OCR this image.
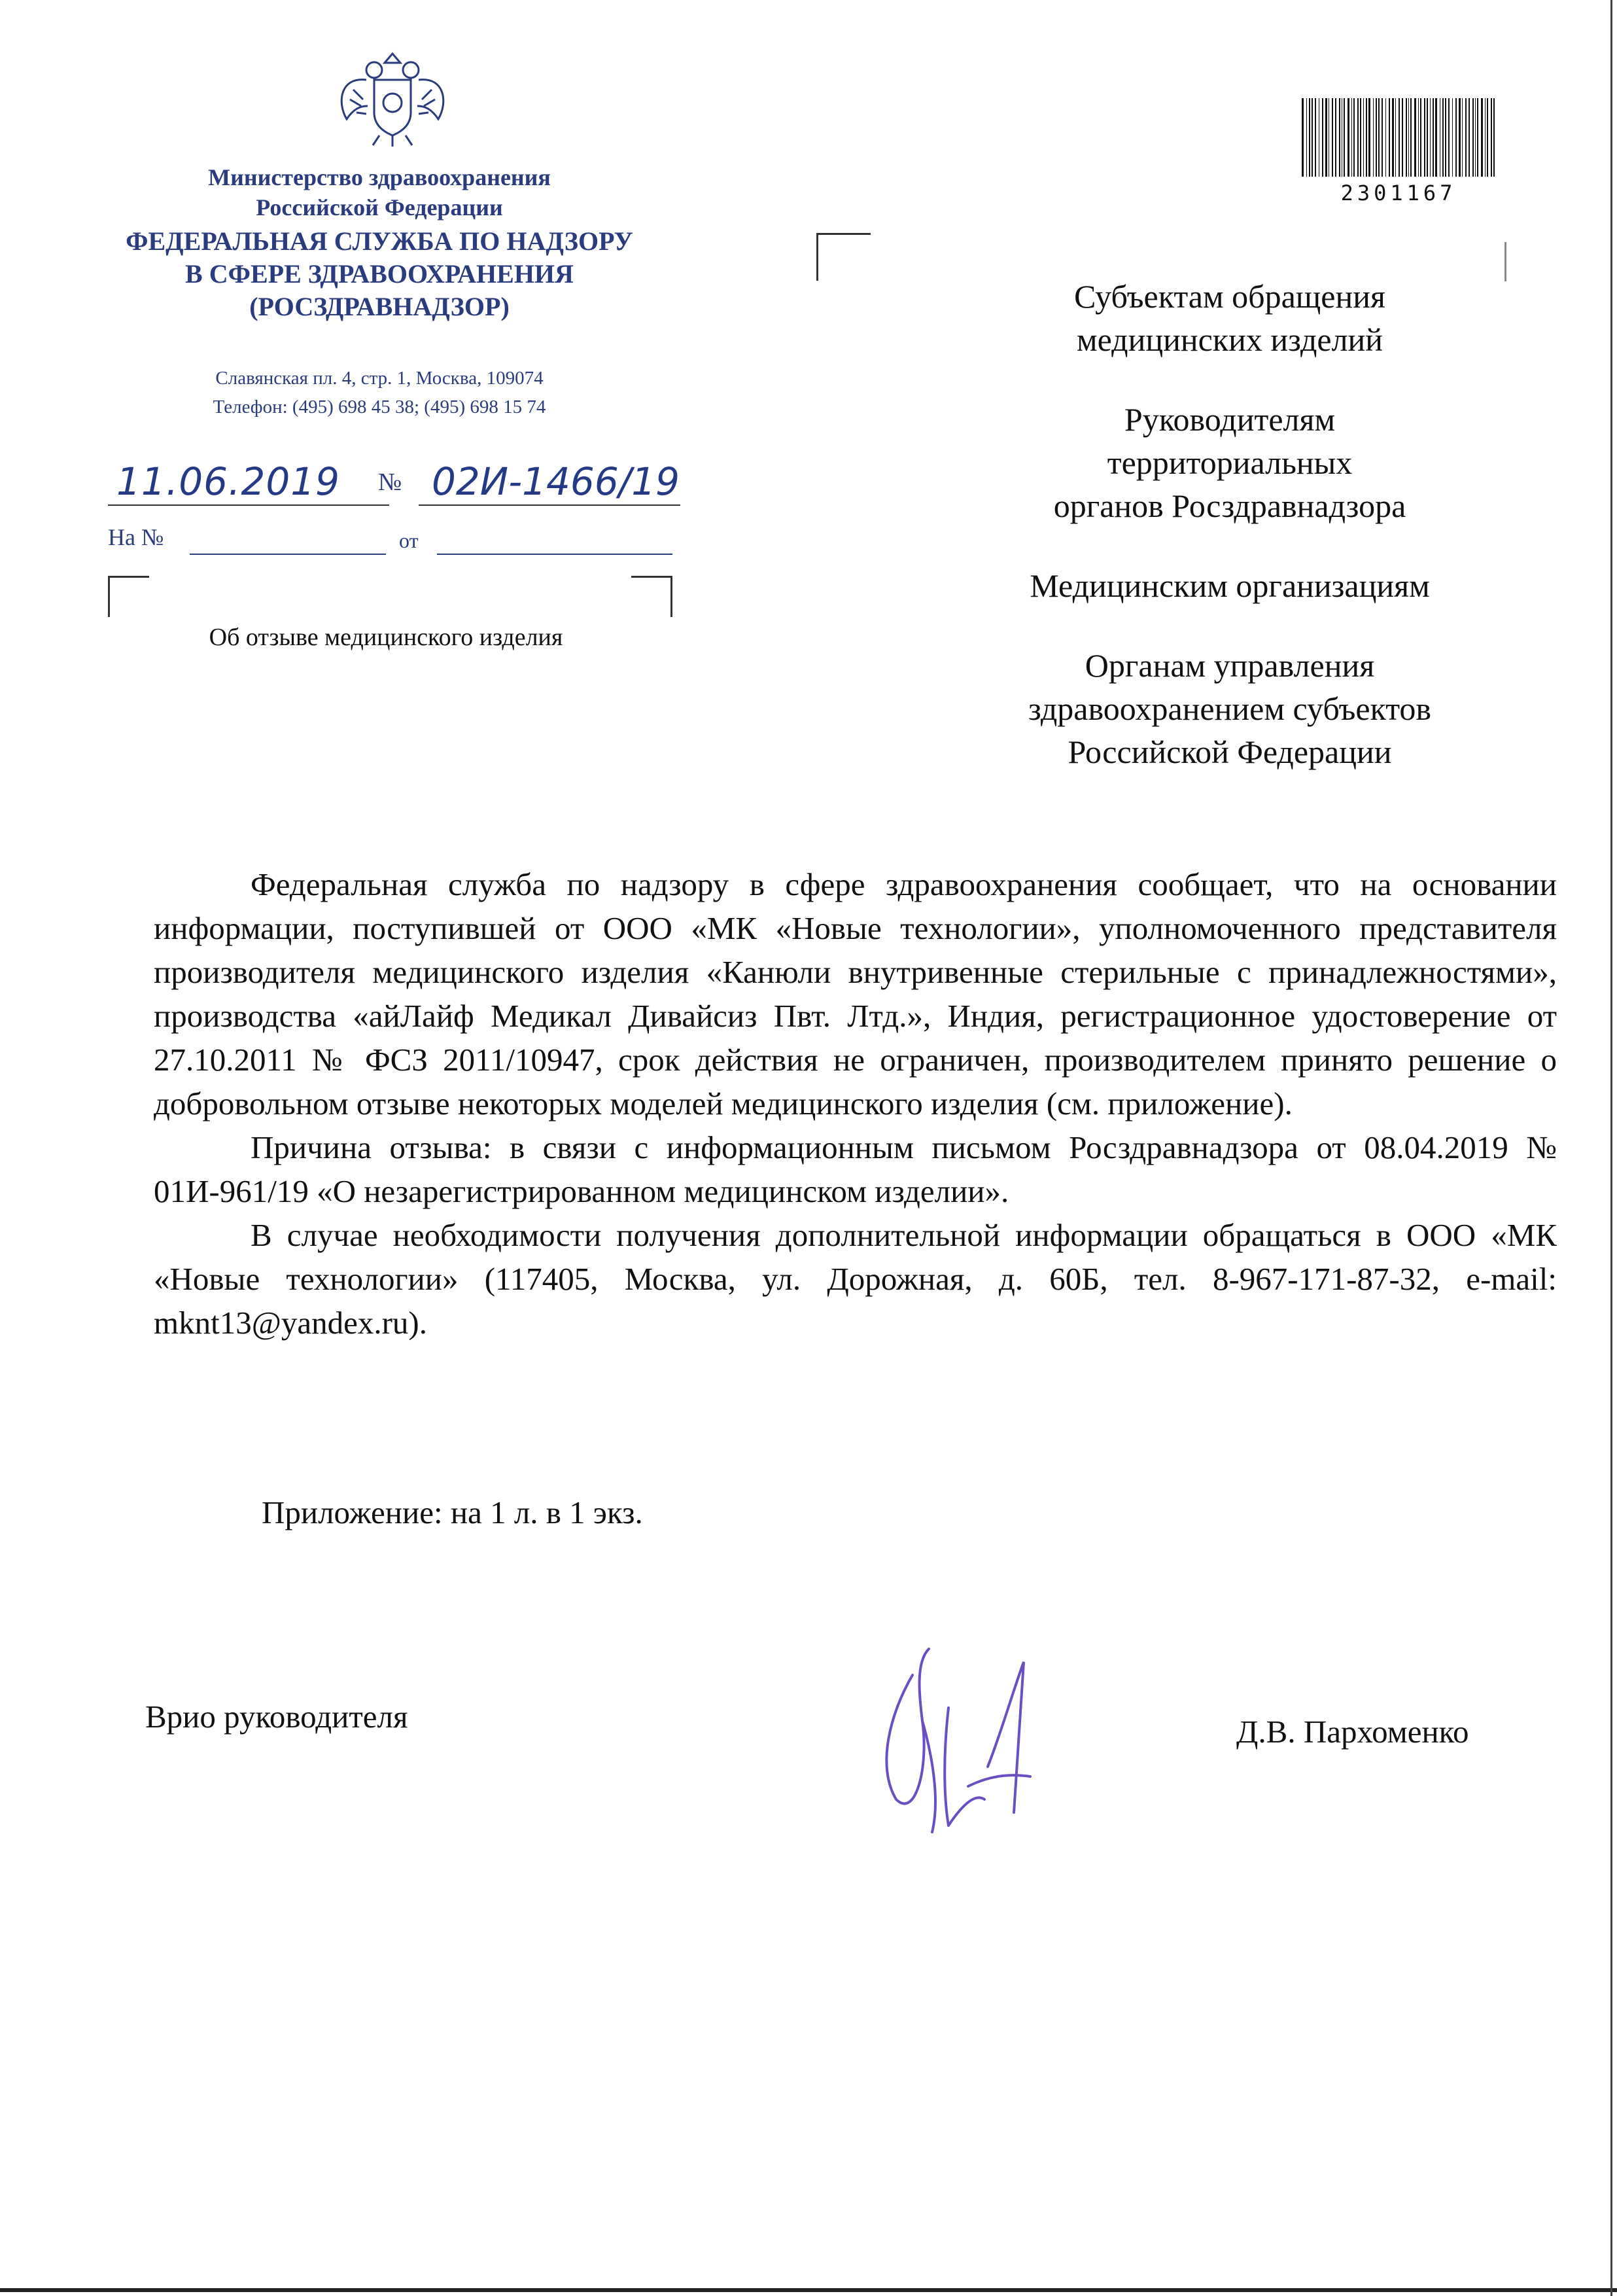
Министерство здравоохранения
Российской Федерации
ФЕДЕРАЛЬНАЯ СЛУЖБА ПО НАДЗОРУ
В СФЕРЕ ЗДРАВООХРАНЕНИЯ
(РОСЗДРАВНАДЗОР)
Славянская пл. 4, стр. 1, Москва, 109074
Телефон: (495) 698 45 38; (495) 698 15 74
2301167
11.06.2019 № 02И-1466/19
На №	от
Об отзыве медицинского изделия
Субъектам обращения
медицинских изделий
Руководителям
территориальных
органов Росздравнадзора
Медицинским организациям
Органам управления
здравоохранением субъектов
Российской Федерации

Федеральная служба по надзору в сфере здравоохранения сообщает, что на основании информации, поступившей от ООО «МК «Новые технологии», уполномоченного представителя производителя медицинского изделия «Канюли внутривенные стерильные с принадлежностями», производства «айЛайф Медикал Дивайсиз Пвт. Лтд.», Индия, регистрационное удостоверение от 27.10.2011 № ФСЗ 2011/10947, срок действия не ограничен, производителем принято решение о добровольном отзыве некоторых моделей медицинского изделия (см. приложение).

Причина отзыва: в связи с информационным письмом Росздравнадзора от 08.04.2019 № 01И-961/19 «О незарегистрированном медицинском изделии».

В случае необходимости получения дополнительной информации обращаться в ООО «МК «Новые технологии» (117405, Москва, ул. Дорожная, д. 60Б, тел. 8-967-171-87-32, e-mail: mknt13@yandex.ru).

Приложение: на 1 л. в 1 экз.
Врио руководителя	Д.В. Пархоменко
